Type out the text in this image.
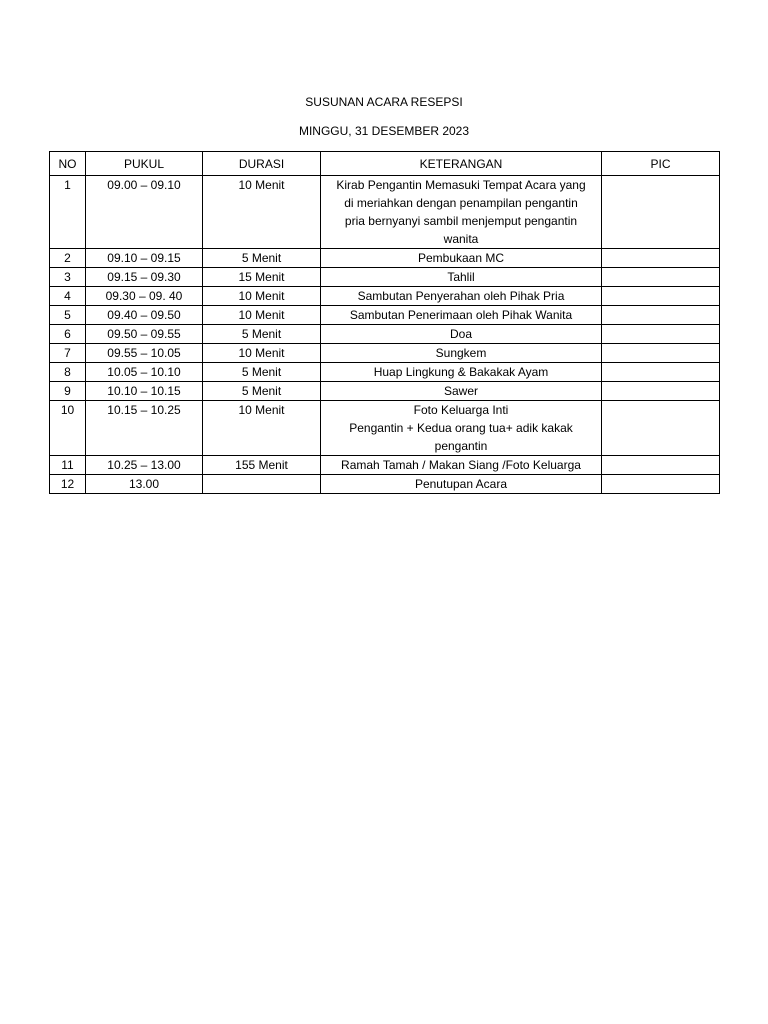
SUSUNAN ACARA RESEPSI
MINGGU, 31 DESEMBER 2023
NO	PUKUL	DURASI	KETERANGAN	PIC
1	09.00 – 09.10	10 Menit	Kirab Pengantin Memasuki Tempat Acara yang
di meriahkan dengan penampilan pengantin
pria bernyanyi sambil menjemput pengantin
wanita	

2	09.10 – 09.15	5 Menit	Pembukaan MC	

3	09.15 – 09.30	15 Menit	Tahlil	

4	09.30 – 09. 40	10 Menit	Sambutan Penyerahan oleh Pihak Pria	

5	09.40 – 09.50	10 Menit	Sambutan Penerimaan oleh Pihak Wanita	

6	09.50 – 09.55	5 Menit	Doa	

7	09.55 – 10.05	10 Menit	Sungkem	

8	10.05 – 10.10	5 Menit	Huap Lingkung & Bakakak Ayam	

9	10.10 – 10.15	5 Menit	Sawer	

10	10.15 – 10.25	10 Menit	Foto Keluarga Inti
Pengantin + Kedua orang tua+ adik kakak
pengantin	

11	10.25 – 13.00	155 Menit	Ramah Tamah / Makan Siang /Foto Keluarga	

12	13.00		Penutupan Acara	
